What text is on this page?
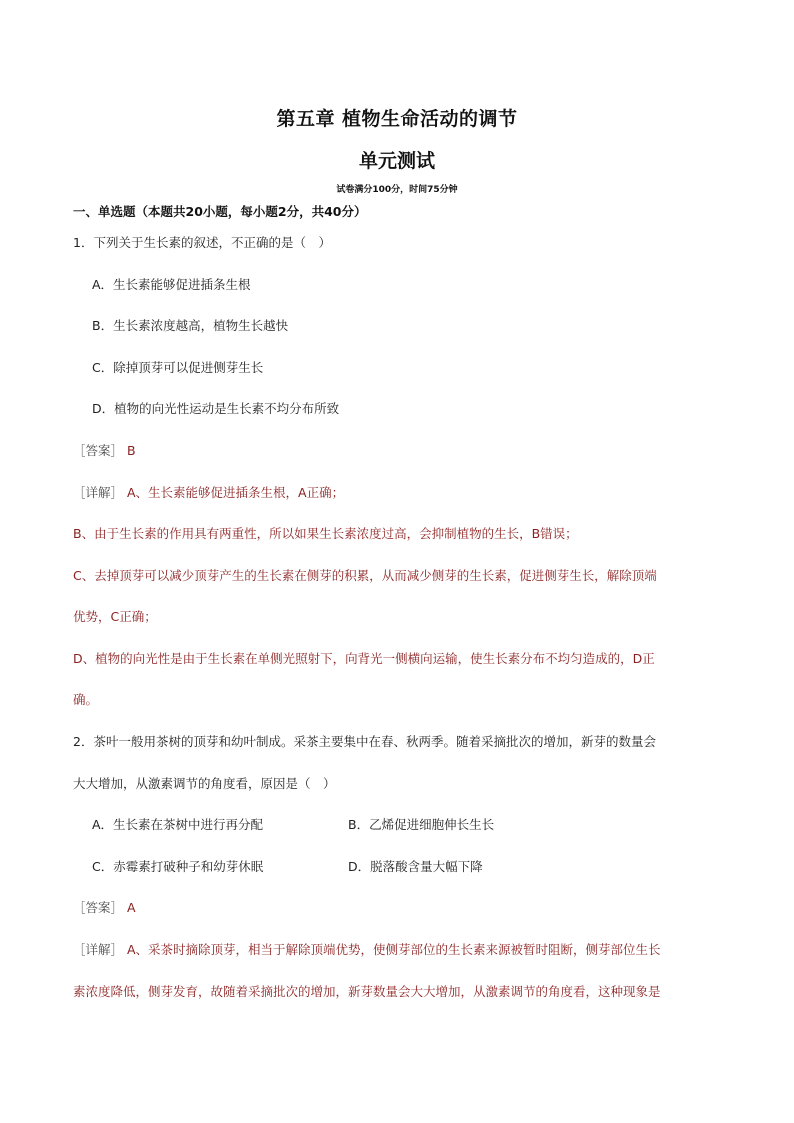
第五章 植物生命活动的调节
单元测试
试卷满分100分，时间75分钟
一、单选题（本题共20小题，每小题2分，共40分）
1．下列关于生长素的叙述，不正确的是（　）
A．生长素能够促进插条生根
B．生长素浓度越高，植物生长越快
C．除掉顶芽可以促进侧芽生长
D．植物的向光性运动是生长素不均分布所致
［答案］ B
［详解］ A、生长素能够促进插条生根，A正确；
B、由于生长素的作用具有两重性，所以如果生长素浓度过高，会抑制植物的生长，B错误；
C、去掉顶芽可以减少顶芽产生的生长素在侧芽的积累，从而减少侧芽的生长素，促进侧芽生长，解除顶端
优势，C正确；
D、植物的向光性是由于生长素在单侧光照射下，向背光一侧横向运输，使生长素分布不均匀造成的，D正
确。
2．茶叶一般用茶树的顶芽和幼叶制成。采茶主要集中在春、秋两季。随着采摘批次的增加，新芽的数量会
大大增加，从激素调节的角度看，原因是（　）
A．生长素在茶树中进行再分配	B．乙烯促进细胞伸长生长
C．赤霉素打破种子和幼芽休眠	D．脱落酸含量大幅下降
［答案］ A
［详解］ A、采茶时摘除顶芽，相当于解除顶端优势，使侧芽部位的生长素来源被暂时阻断，侧芽部位生长
素浓度降低，侧芽发育，故随着采摘批次的增加，新芽数量会大大增加，从激素调节的角度看，这种现象是
